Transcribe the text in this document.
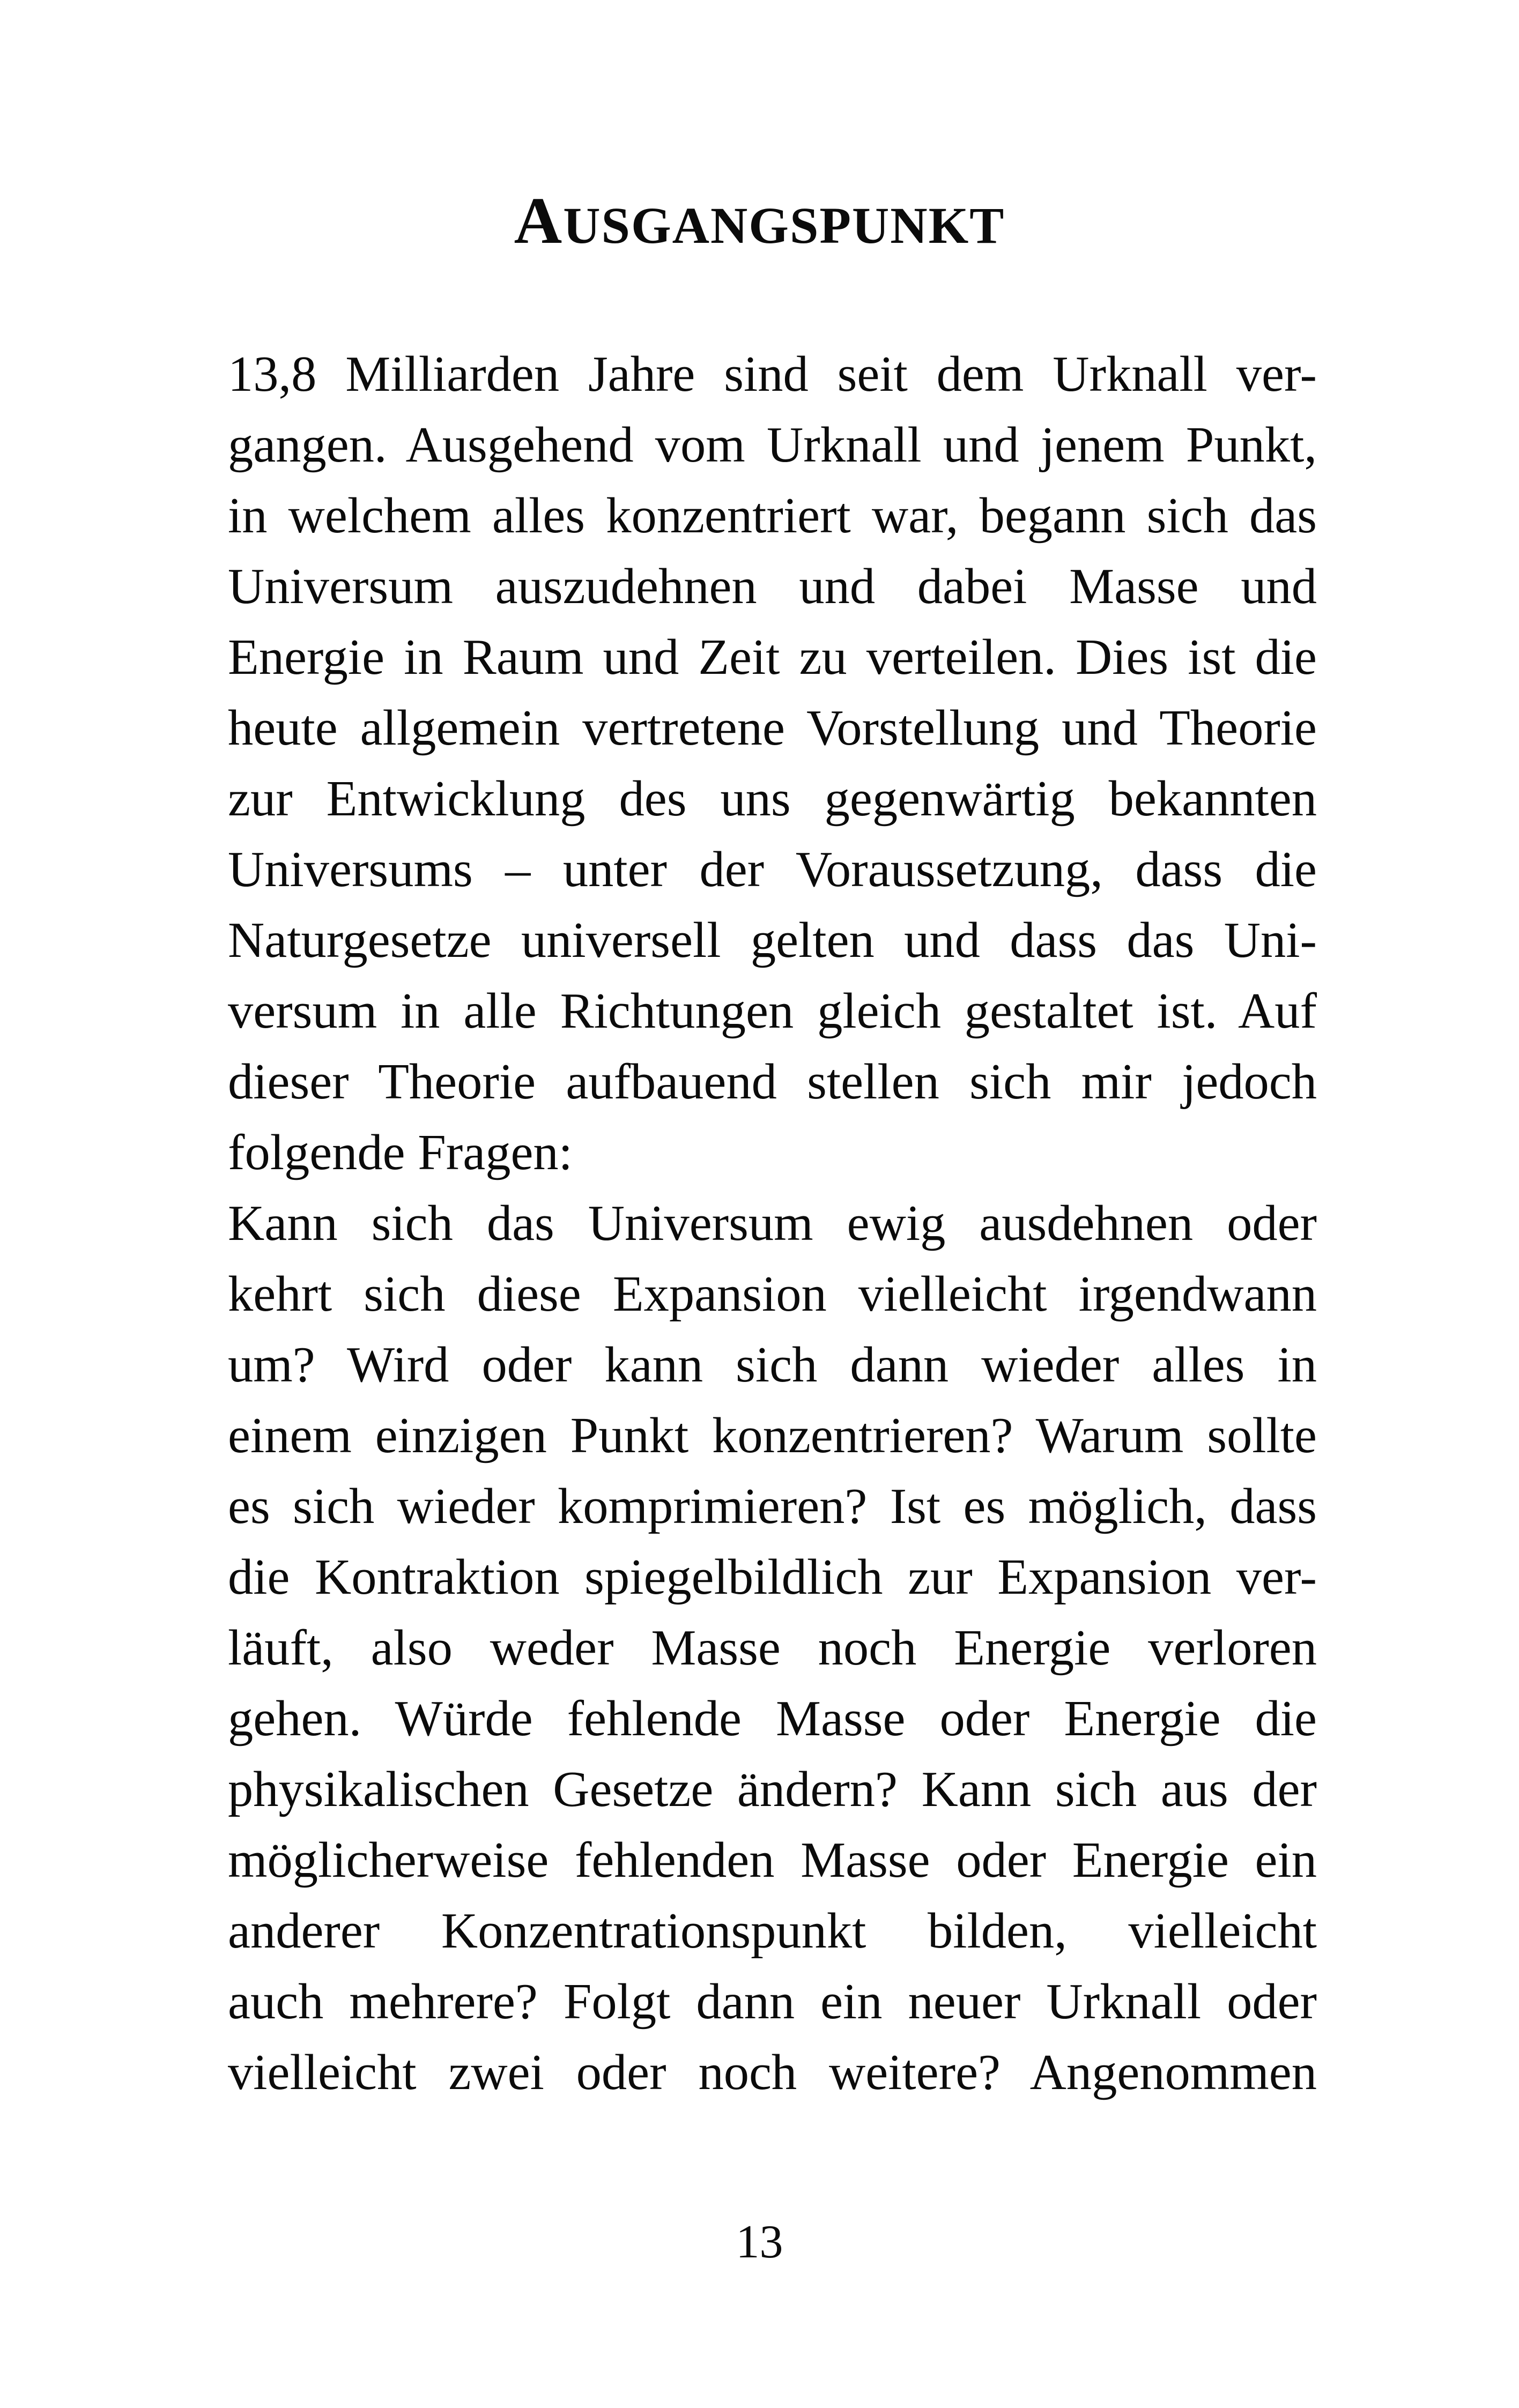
AUSGANGSPUNKT
13,8 Milliarden Jahre sind seit dem Urknall ver-
gangen. Ausgehend vom Urknall und jenem Punkt,
in welchem alles konzentriert war, begann sich das
Universum auszudehnen und dabei Masse und
Energie in Raum und Zeit zu verteilen. Dies ist die
heute allgemein vertretene Vorstellung und Theorie
zur Entwicklung des uns gegenwärtig bekannten
Universums – unter der Voraussetzung, dass die
Naturgesetze universell gelten und dass das Uni-
versum in alle Richtungen gleich gestaltet ist. Auf
dieser Theorie aufbauend stellen sich mir jedoch
folgende Fragen:
Kann sich das Universum ewig ausdehnen oder
kehrt sich diese Expansion vielleicht irgendwann
um? Wird oder kann sich dann wieder alles in
einem einzigen Punkt konzentrieren? Warum sollte
es sich wieder komprimieren? Ist es möglich, dass
die Kontraktion spiegelbildlich zur Expansion ver-
läuft, also weder Masse noch Energie verloren
gehen. Würde fehlende Masse oder Energie die
physikalischen Gesetze ändern? Kann sich aus der
möglicherweise fehlenden Masse oder Energie ein
anderer Konzentrationspunkt bilden, vielleicht
auch mehrere? Folgt dann ein neuer Urknall oder
vielleicht zwei oder noch weitere? Angenommen
13
